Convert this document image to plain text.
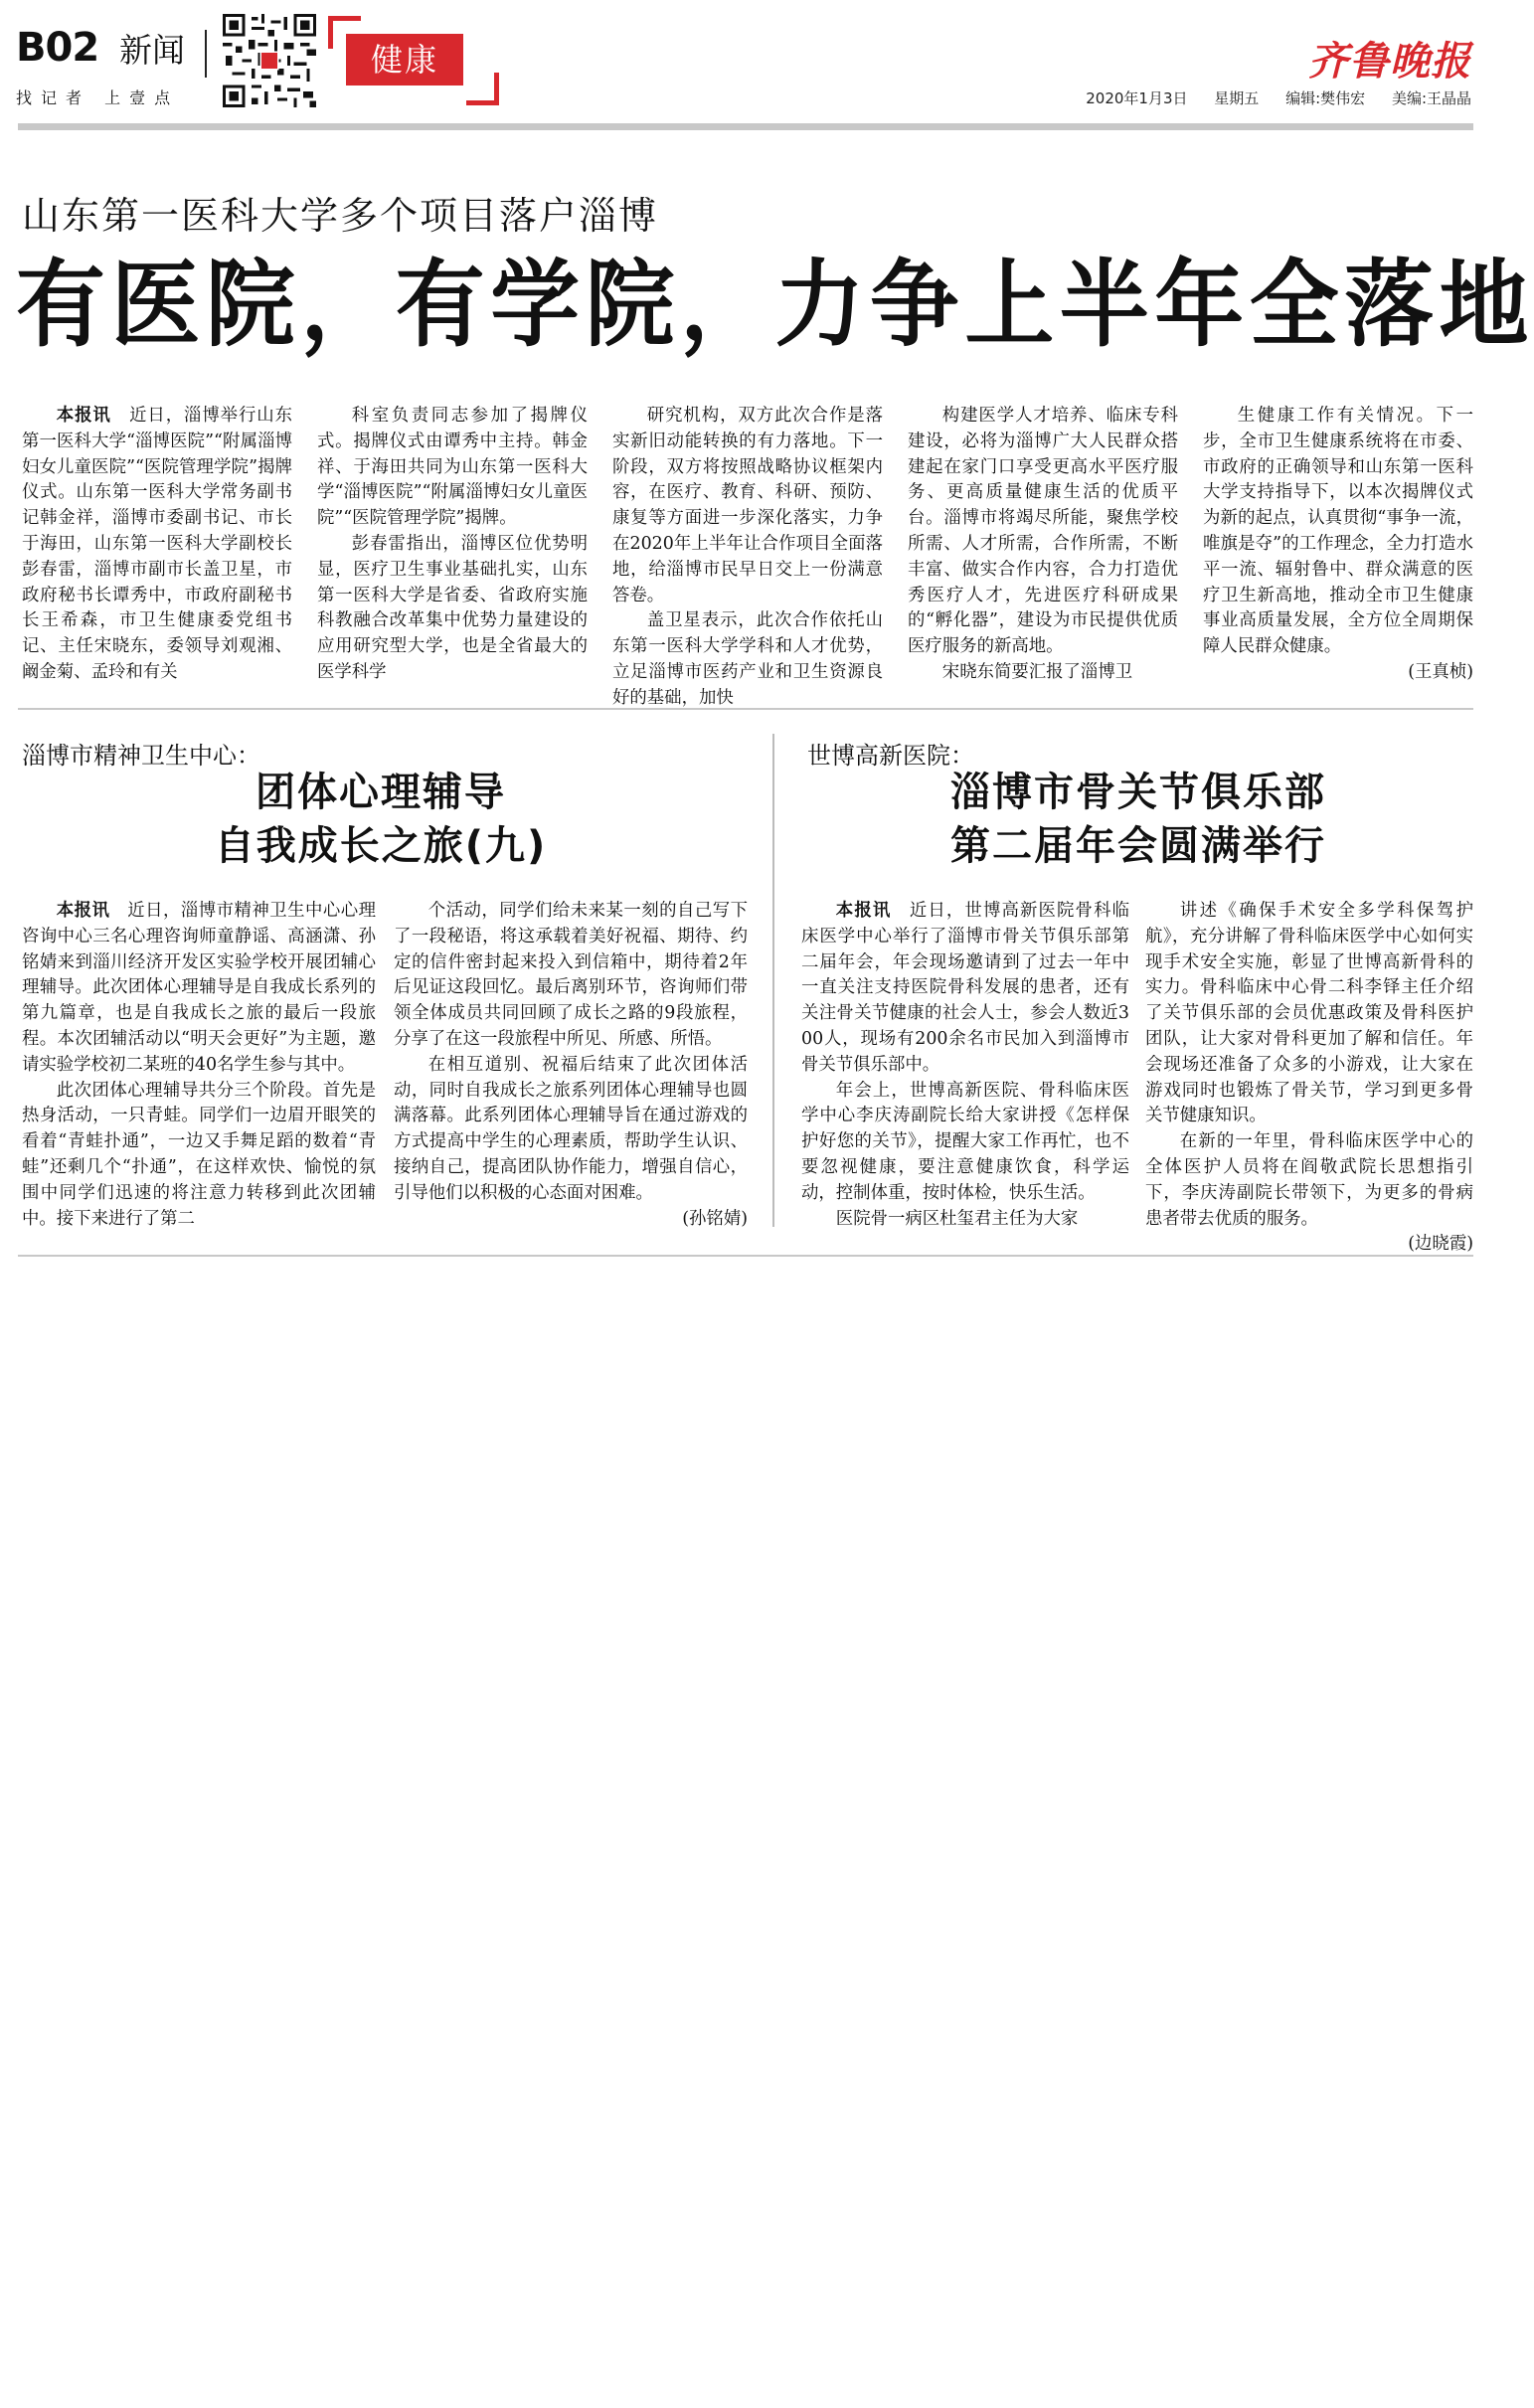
B02 新闻
找记者 上壹点
健康	齐鲁晚报
2020年1月3日 星期五 编辑:樊伟宏 美编:王晶晶
山东第一医科大学多个项目落户淄博
有医院，有学院，力争上半年全落地

本报讯　近日，淄博举行山东第一医科大学“淄博医院”“附属淄博妇女儿童医院”“医院管理学院”揭牌仪式。山东第一医科大学常务副书记韩金祥，淄博市委副书记、市长于海田，山东第一医科大学副校长彭春雷，淄博市副市长盖卫星，市政府秘书长谭秀中，市政府副秘书长王希森，市卫生健康委党组书记、主任宋晓东，委领导刘观湘、阚金菊、孟玲和有关

科室负责同志参加了揭牌仪式。揭牌仪式由谭秀中主持。韩金祥、于海田共同为山东第一医科大学“淄博医院”“附属淄博妇女儿童医院”“医院管理学院”揭牌。

彭春雷指出，淄博区位优势明显，医疗卫生事业基础扎实，山东第一医科大学是省委、省政府实施科教融合改革集中优势力量建设的应用研究型大学，也是全省最大的医学科学

研究机构，双方此次合作是落实新旧动能转换的有力落地。下一阶段，双方将按照战略协议框架内容，在医疗、教育、科研、预防、康复等方面进一步深化落实，力争在2020年上半年让合作项目全面落地，给淄博市民早日交上一份满意答卷。

盖卫星表示，此次合作依托山东第一医科大学学科和人才优势，立足淄博市医药产业和卫生资源良好的基础，加快

构建医学人才培养、临床专科建设，必将为淄博广大人民群众搭建起在家门口享受更高水平医疗服务、更高质量健康生活的优质平台。淄博市将竭尽所能，聚焦学校所需、人才所需，合作所需，不断丰富、做实合作内容，合力打造优秀医疗人才，先进医疗科研成果的“孵化器”，建设为市民提供优质医疗服务的新高地。

宋晓东简要汇报了淄博卫

生健康工作有关情况。下一步，全市卫生健康系统将在市委、市政府的正确领导和山东第一医科大学支持指导下，以本次揭牌仪式为新的起点，认真贯彻“事争一流，唯旗是夺”的工作理念，全力打造水平一流、辐射鲁中、群众满意的医疗卫生新高地，推动全市卫生健康事业高质量发展，全方位全周期保障人民群众健康。

(王真桢)

淄博市精神卫生中心：
团体心理辅导
自我成长之旅(九)

本报讯　近日，淄博市精神卫生中心心理咨询中心三名心理咨询师童静谣、高涵潇、孙铭婧来到淄川经济开发区实验学校开展团辅心理辅导。此次团体心理辅导是自我成长系列的第九篇章，也是自我成长之旅的最后一段旅程。本次团辅活动以“明天会更好”为主题，邀请实验学校初二某班的40名学生参与其中。

此次团体心理辅导共分三个阶段。首先是热身活动，一只青蛙。同学们一边眉开眼笑的看着“青蛙扑通”，一边又手舞足蹈的数着“青蛙”还剩几个“扑通”，在这样欢快、愉悦的氛围中同学们迅速的将注意力转移到此次团辅中。接下来进行了第二

个活动，同学们给未来某一刻的自己写下了一段秘语，将这承载着美好祝福、期待、约定的信件密封起来投入到信箱中，期待着2年后见证这段回忆。最后离别环节，咨询师们带领全体成员共同回顾了成长之路的9段旅程，分享了在这一段旅程中所见、所感、所悟。

在相互道别、祝福后结束了此次团体活动，同时自我成长之旅系列团体心理辅导也圆满落幕。此系列团体心理辅导旨在通过游戏的方式提高中学生的心理素质，帮助学生认识、接纳自己，提高团队协作能力，增强自信心，引导他们以积极的心态面对困难。

(孙铭婧)

世博高新医院：
淄博市骨关节俱乐部
第二届年会圆满举行

本报讯　近日，世博高新医院骨科临床医学中心举行了淄博市骨关节俱乐部第二届年会，年会现场邀请到了过去一年中一直关注支持医院骨科发展的患者，还有关注骨关节健康的社会人士，参会人数近300人，现场有200余名市民加入到淄博市骨关节俱乐部中。

年会上，世博高新医院、骨科临床医学中心李庆涛副院长给大家讲授《怎样保护好您的关节》，提醒大家工作再忙，也不要忽视健康，要注意健康饮食，科学运动，控制体重，按时体检，快乐生活。

医院骨一病区杜玺君主任为大家

讲述《确保手术安全多学科保驾护航》，充分讲解了骨科临床医学中心如何实现手术安全实施，彰显了世博高新骨科的实力。骨科临床中心骨二科李铎主任介绍了关节俱乐部的会员优惠政策及骨科医护团队，让大家对骨科更加了解和信任。年会现场还准备了众多的小游戏，让大家在游戏同时也锻炼了骨关节，学习到更多骨关节健康知识。

在新的一年里，骨科临床医学中心的全体医护人员将在阎敬武院长思想指引下，李庆涛副院长带领下，为更多的骨病患者带去优质的服务。

(边晓霞)
